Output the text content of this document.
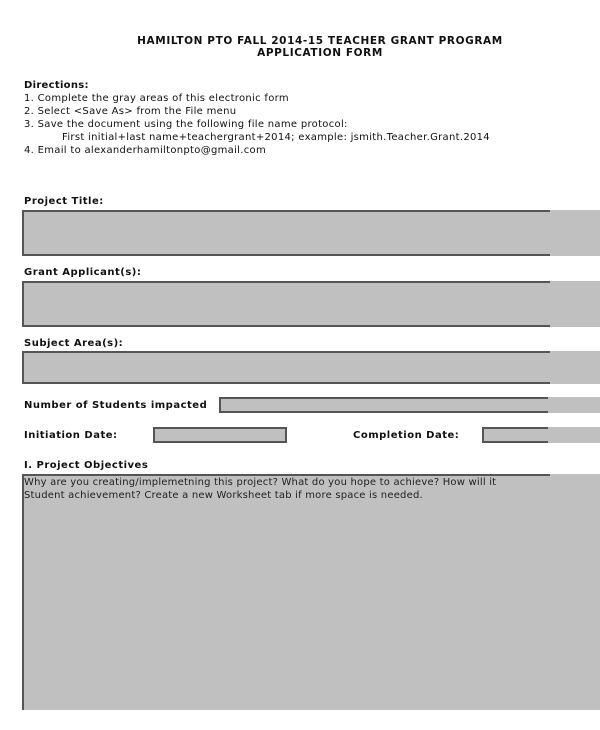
HAMILTON PTO FALL 2014-15 TEACHER GRANT PROGRAM
APPLICATION FORM
Directions:
1. Complete the gray areas of this electronic form
2. Select <Save As> from the File menu
3. Save the document using the following file name protocol:
First initial+last name+teachergrant+2014; example: jsmith.Teacher.Grant.2014
4. Email to alexanderhamiltonpto@gmail.com
Project Title:
Grant Applicant(s):
Subject Area(s):
Number of Students impacted
Initiation Date:	Completion Date:
I. Project Objectives
Why are you creating/implemetning this project? What do you hope to achieve? How will it
Student achievement? Create a new Worksheet tab if more space is needed.
